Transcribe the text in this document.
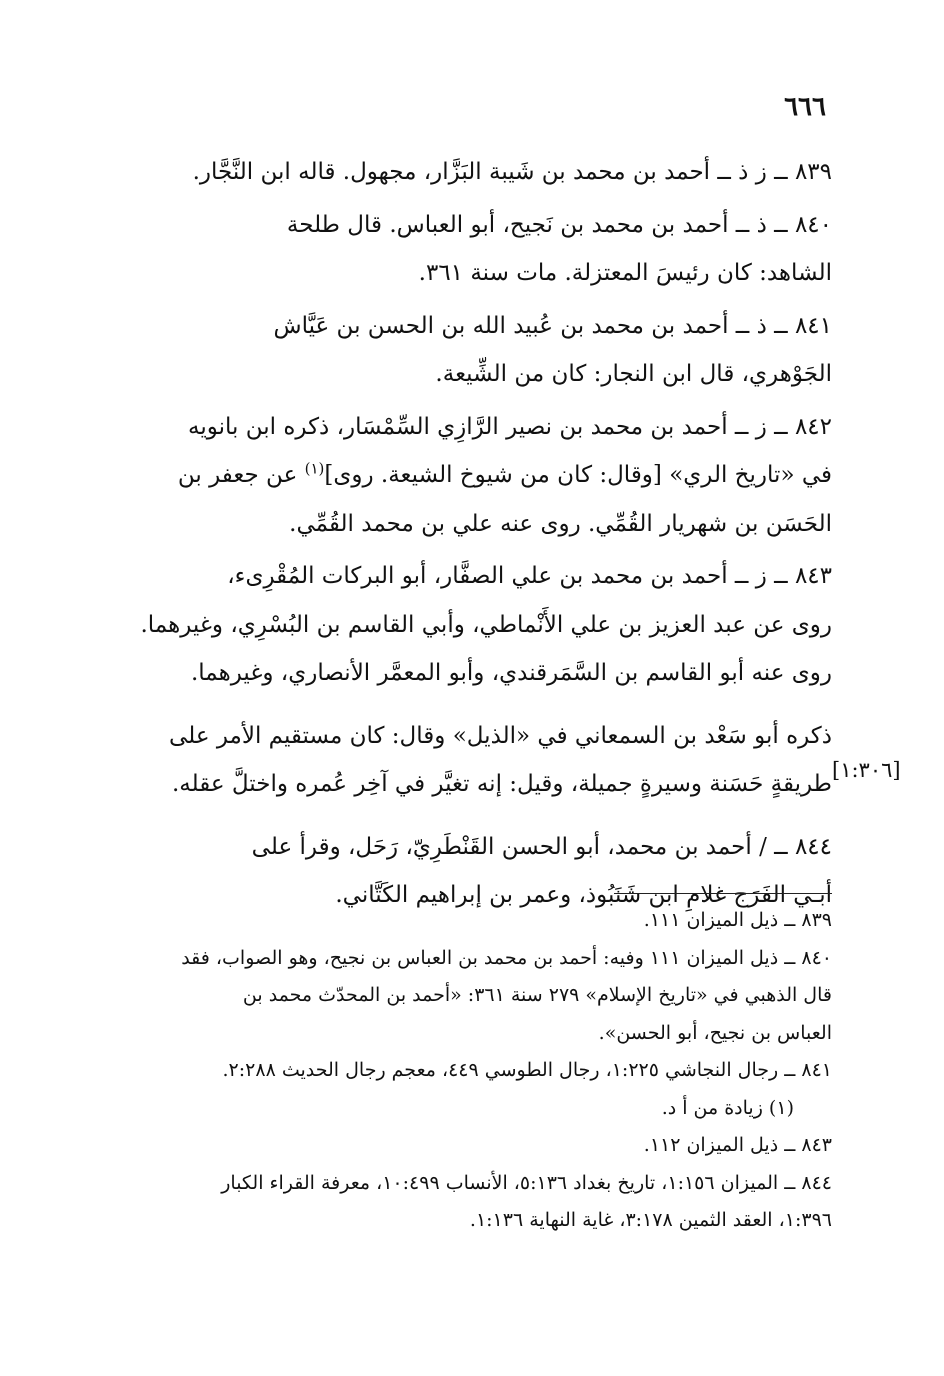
٦٦٦

٨٣٩ ــ ز ذ ــ أحمد بن محمد بن شَيبة البَزَّار، مجهول. قاله ابن النَّجَّار.

٨٤٠ ــ ذ ــ أحمد بن محمد بن نَجيح، أبو العباس. قال طلحة

الشاهد: كان رئيسَ المعتزلة. مات سنة ٣٦١.

٨٤١ ــ ذ ــ أحمد بن محمد بن عُبيد الله بن الحسن بن عَيَّاش

الجَوْهري، قال ابن النجار: كان من الشِّيعة.

٨٤٢ ــ ز ــ أحمد بن محمد بن نصير الرَّازِي السِّمْسَار، ذكره ابن بانويه

في «تاريخ الري» [وقال: كان من شيوخ الشيعة. روى]$^{(١)}$ عن جعفر بن

الحَسَن بن شهريار القُمِّي. روى عنه علي بن محمد القُمِّي.

٨٤٣ ــ ز ــ أحمد بن محمد بن علي الصفَّار، أبو البركات المُقْرِىء،

روى عن عبد العزيز بن علي الأَنْماطي، وأبي القاسم بن البُسْرِي، وغيرهما.

روى عنه أبو القاسم بن السَّمَرقندي، وأبو المعمَّر الأنصاري، وغيرهما.

ذكره أبو سَعْد بن السمعاني في «الذيل» وقال: كان مستقيم الأمر على

طريقةٍ حَسَنة وسيرةٍ جميلة، وقيل: إنه تغيَّر في آخِر عُمره واختلَّ عقله.

٨٤٤ ــ / أحمد بن محمد، أبو الحسن القَنْطَرِيّ، رَحَل، وقرأ على

أبـي الفَرَج غلامِ ابن شَنَبُوذ، وعمر بن إبراهيم الكَتَّاني.

[١:٣٠٦]

٨٣٩ ــ ذيل الميزان ١١١.

٨٤٠ ــ ذيل الميزان ١١١ وفيه: أحمد بن محمد بن العباس بن نجيح، وهو الصواب، فقد

قال الذهبي في «تاريخ الإسلام» ٢٧٩ سنة ٣٦١: «أحمد بن المحدّث محمد بن

العباس بن نجيح، أبو الحسن».

٨٤١ ــ رجال النجاشي ١:٢٢٥، رجال الطوسي ٤٤٩، معجم رجال الحديث ٢:٢٨٨.

(١) زيادة من أ د.

٨٤٣ ــ ذيل الميزان ١١٢.

٨٤٤ ــ الميزان ١:١٥٦، تاريخ بغداد ٥:١٣٦، الأنساب ١٠:٤٩٩، معرفة القراء الكبار

١:٣٩٦، العقد الثمين ٣:١٧٨، غاية النهاية ١:١٣٦.
